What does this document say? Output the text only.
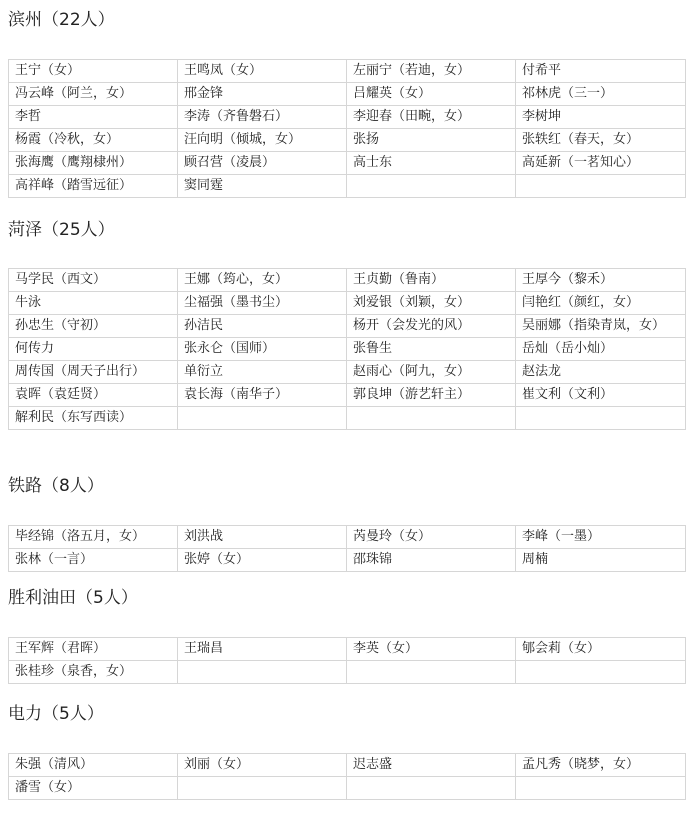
滨州（22人）
王宁（女）	王鸣凤（女）	左丽宁（若迪，女）	付希平
冯云峰（阿兰，女）	邢金锋	吕耀英（女）	祁林虎（三一）
李哲	李涛（齐鲁磐石）	李迎春（田畹，女）	李树坤
杨霞（冷秋，女）	汪向明（倾城，女）	张扬	张轶红（春天，女）
张海鹰（鹰翔棣州）	顾召营（凌晨）	高士东	高延新（一茗知心）
高祥峰（踏雪远征）	窦同霆		
菏泽（25人）
马学民（西文）	王娜（筠心，女）	王贞勤（鲁南）	王厚今（黎禾）
牛泳	尘福强（墨书尘）	刘爱银（刘颖，女）	闫艳红（颜红，女）
孙忠生（守初）	孙洁民	杨开（会发光的风）	吴丽娜（指染青岚，女）
何传力	张永仑（国师）	张鲁生	岳灿（岳小灿）
周传国（周天子出行）	单衍立	赵雨心（阿九，女）	赵法龙
袁晖（袁廷贤）	袁长海（南华子）	郭良坤（游艺轩主）	崔文利（文利）
解利民（东写西读）			
铁路（8人）
毕经锦（洛五月，女）	刘洪战	芮曼玲（女）	李峰（一墨）
张林（一言）	张婷（女）	邵珠锦	周楠
胜利油田（5人）
王军辉（君晖）	王瑞昌	李英（女）	郇会莉（女）
张桂珍（泉香，女）			
电力（5人）
朱强（清风）	刘丽（女）	迟志盛	孟凡秀（晓梦，女）
潘雪（女）			
